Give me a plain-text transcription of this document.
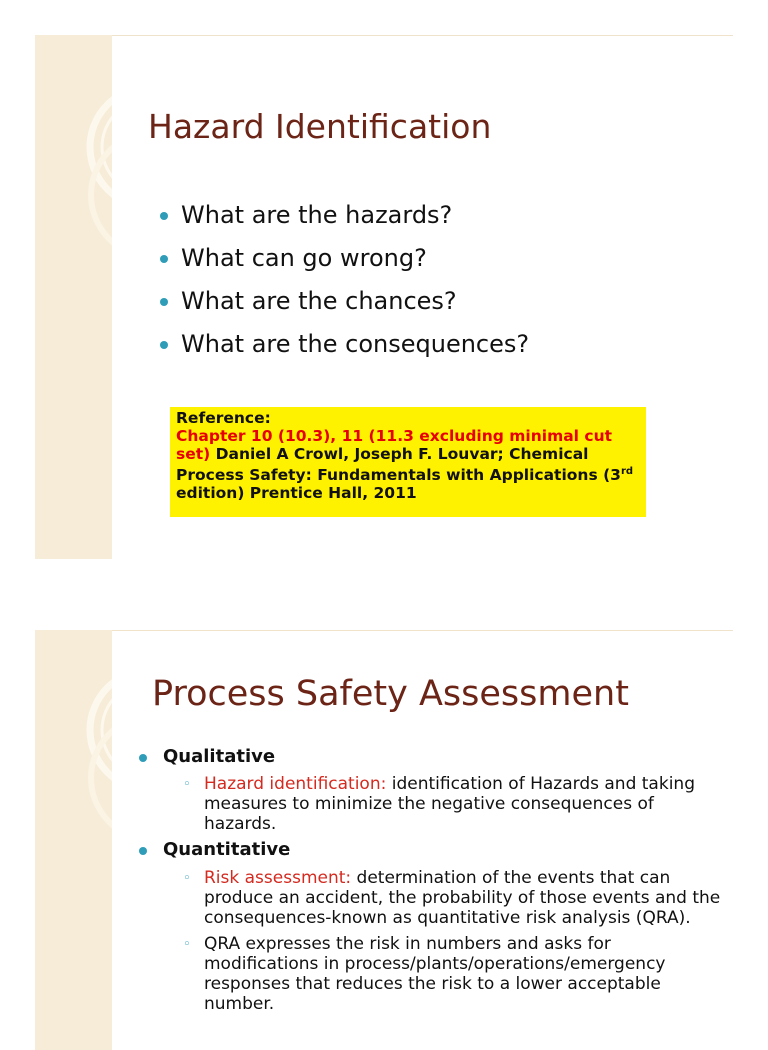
Hazard Identification
What are the hazards?
What can go wrong?
What are the chances?
What are the consequences?
Reference:
Chapter 10 (10.3), 11 (11.3 excluding minimal cut set) Daniel A Crowl, Joseph F. Louvar; Chemical Process Safety: Fundamentals with Applications (3rd edition) Prentice Hall, 2011
Process Safety Assessment
Qualitative
◦ Hazard identification: identification of Hazards and taking measures to minimize the negative consequences of hazards.
Quantitative
◦ Risk assessment: determination of the events that can produce an accident, the probability of those events and the consequences-known as quantitative risk analysis (QRA).
◦ QRA expresses the risk in numbers and asks for modifications in process/plants/operations/emergency responses that reduces the risk to a lower acceptable number.
